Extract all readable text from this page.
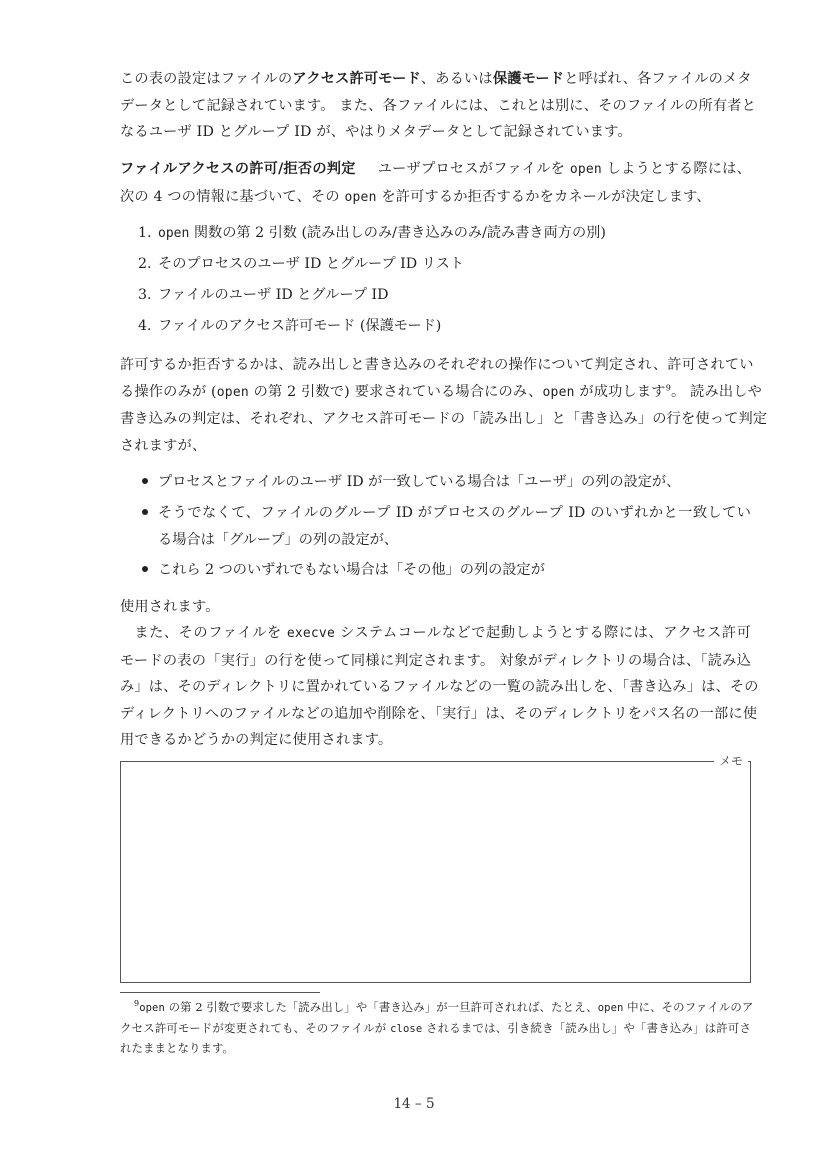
この表の設定はファイルのアクセス許可モード、あるいは保護モードと呼ばれ、各ファイルのメタ
データとして記録されています。 また、各ファイルには、これとは別に、そのファイルの所有者と
なるユーザ ID とグループ ID が、やはりメタデータとして記録されています。
ファイルアクセスの許可/拒否の判定 ユーザプロセスがファイルを open しようとする際には、
次の 4 つの情報に基づいて、その open を許可するか拒否するかをカネールが決定します、
1. open 関数の第 2 引数 (読み出しのみ/書き込みのみ/読み書き両方の別)
2. そのプロセスのユーザ ID とグループ ID リスト
3. ファイルのユーザ ID とグループ ID
4. ファイルのアクセス許可モード (保護モード)
許可するか拒否するかは、読み出しと書き込みのそれぞれの操作について判定され、許可されてい
る操作のみが (open の第 2 引数で) 要求されている場合にのみ、open が成功します$^9$。 読み出しや
書き込みの判定は、それぞれ、アクセス許可モードの「読み出し」と「書き込み」の行を使って判定
されますが、
プロセスとファイルのユーザ ID が一致している場合は「ユーザ」の列の設定が、
そうでなくて、ファイルのグループ ID がプロセスのグループ ID のいずれかと一致してい
る場合は「グループ」の列の設定が、
これら 2 つのいずれでもない場合は「その他」の列の設定が
使用されます。
また、そのファイルを execve システムコールなどで起動しようとする際には、アクセス許可
モードの表の「実行」の行を使って同様に判定されます。 対象がディレクトリの場合は、「読み込
み」は、そのディレクトリに置かれているファイルなどの一覧の読み出しを、「書き込み」は、その
ディレクトリへのファイルなどの追加や削除を、「実行」は、そのディレクトリをパス名の一部に使
用できるかどうかの判定に使用されます。
メモ
$^9$open の第 2 引数で要求した「読み出し」や「書き込み」が一旦許可されれば、たとえ、open 中に、そのファイルのア
クセス許可モードが変更されても、そのファイルが close されるまでは、引き続き「読み出し」や「書き込み」は許可さ
れたままとなります。
14 – 5
